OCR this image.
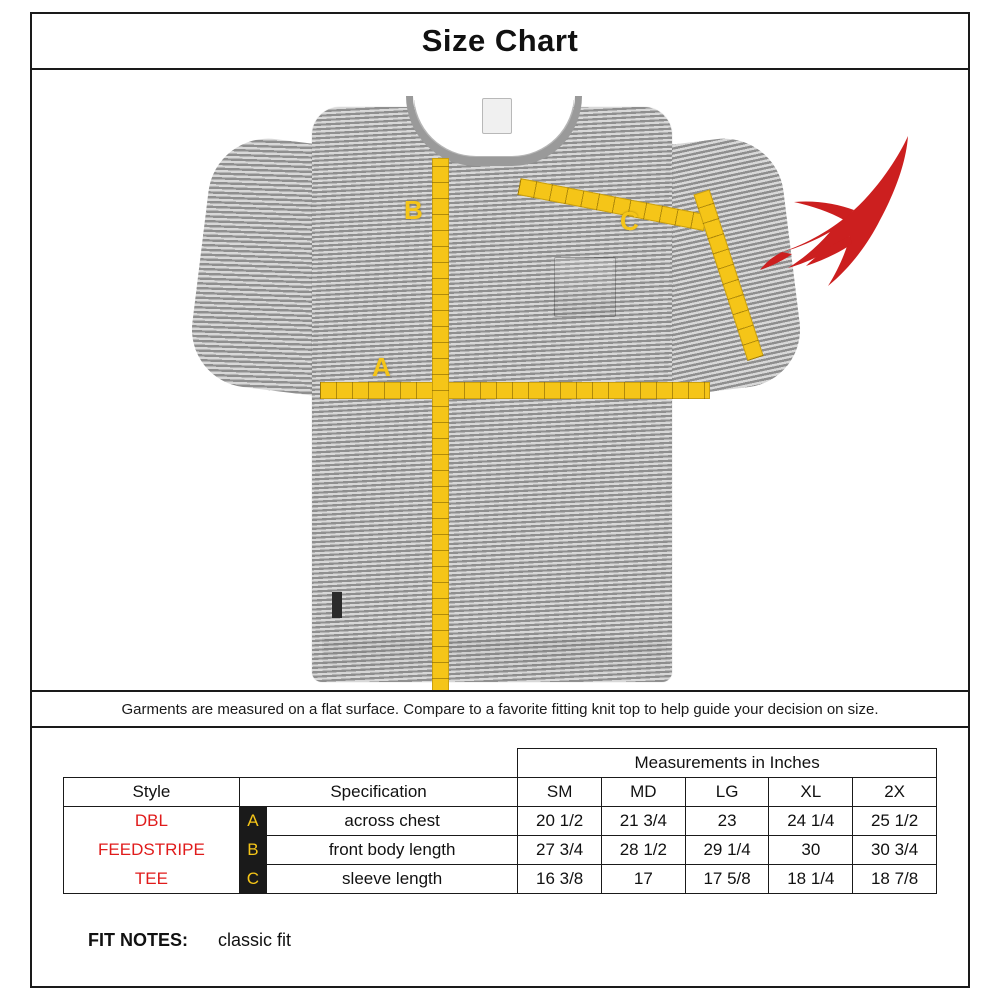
Size Chart
A
B	C
Garments are measured on a flat surface. Compare to a favorite fitting knit top to help guide your decision on size.
			Measurements in Inches				
Style	Specification		SM	MD	LG	XL	2X
DBL	A	across chest	20 1/2	21 3/4	23	24 1/4	25 1/2
FEEDSTRIPE	B	front body length	27 3/4	28 1/2	29 1/4	30	30 3/4
TEE	C	sleeve length	16 3/8	17	17 5/8	18 1/4	18 7/8
FIT NOTES: classic fit
